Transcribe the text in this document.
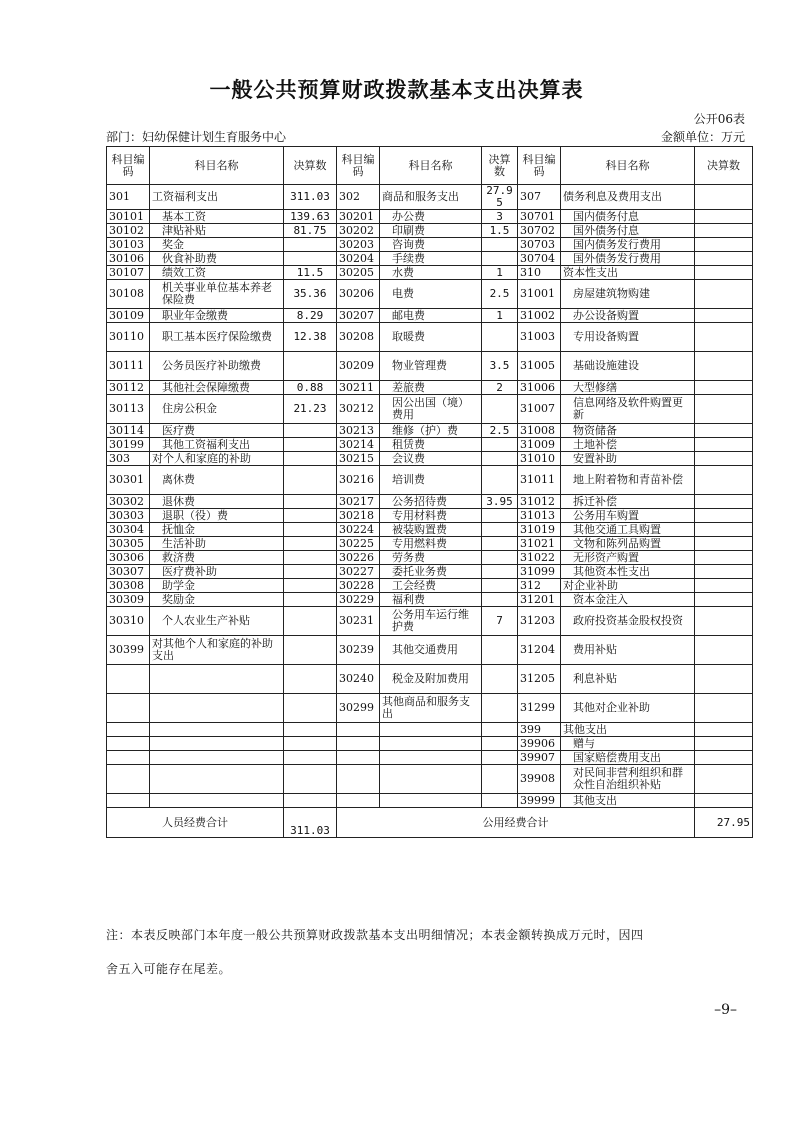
一般公共预算财政拨款基本支出决算表
公开06表
部门：妇幼保健计划生育服务中心	金额单位：万元
科目编码	科目名称	决算数	科目编码	科目名称	决算数	科目编码	科目名称	决算数
301	工资福利支出	311.03	302	商品和服务支出	27.95	307	债务利息及费用支出	
30101	基本工资	139.63	30201	办公费	3	30701	国内债务付息	
30102	津贴补贴	81.75	30202	印刷费	1.5	30702	国外债务付息	
30103	奖金		30203	咨询费		30703	国内债务发行费用	
30106	伙食补助费		30204	手续费		30704	国外债务发行费用	
30107	绩效工资	11.5	30205	水费	1	310	资本性支出	
30108	机关事业单位基本养老保险费	35.36	30206	电费	2.5	31001	房屋建筑物购建	
30109	职业年金缴费	8.29	30207	邮电费	1	31002	办公设备购置	
30110	职工基本医疗保险缴费	12.38	30208	取暖费		31003	专用设备购置	
30111	公务员医疗补助缴费		30209	物业管理费	3.5	31005	基础设施建设	
30112	其他社会保障缴费	0.88	30211	差旅费	2	31006	大型修缮	
30113	住房公积金	21.23	30212	因公出国（境）费用		31007	信息网络及软件购置更新	
30114	医疗费		30213	维修（护）费	2.5	31008	物资储备	
30199	其他工资福利支出		30214	租赁费		31009	土地补偿	
303	对个人和家庭的补助		30215	会议费		31010	安置补助	
30301	离休费		30216	培训费		31011	地上附着物和青苗补偿	
30302	退休费		30217	公务招待费	3.95	31012	拆迁补偿	
30303	退职（役）费		30218	专用材料费		31013	公务用车购置	
30304	抚恤金		30224	被装购置费		31019	其他交通工具购置	
30305	生活补助		30225	专用燃料费		31021	文物和陈列品购置	
30306	救济费		30226	劳务费		31022	无形资产购置	
30307	医疗费补助		30227	委托业务费		31099	其他资本性支出	
30308	助学金		30228	工会经费		312	对企业补助	
30309	奖励金		30229	福利费		31201	资本金注入	
30310	个人农业生产补贴		30231	公务用车运行维护费	7	31203	政府投资基金股权投资	
30399	对其他个人和家庭的补助支出		30239	其他交通费用		31204	费用补贴	
			30240	税金及附加费用		31205	利息补贴	
			30299	其他商品和服务支出		31299	其他对企业补助	
						399	其他支出	
						39906	赠与	
						39907	国家赔偿费用支出	
						39908	对民间非营利组织和群众性自治组织补贴	
						39999	其他支出	
人员经费合计		311.03	公用经费合计					27.95

注：本表反映部门本年度一般公共预算财政拨款基本支出明细情况；本表金额转换成万元时，因四

舍五入可能存在尾差。

–9–
